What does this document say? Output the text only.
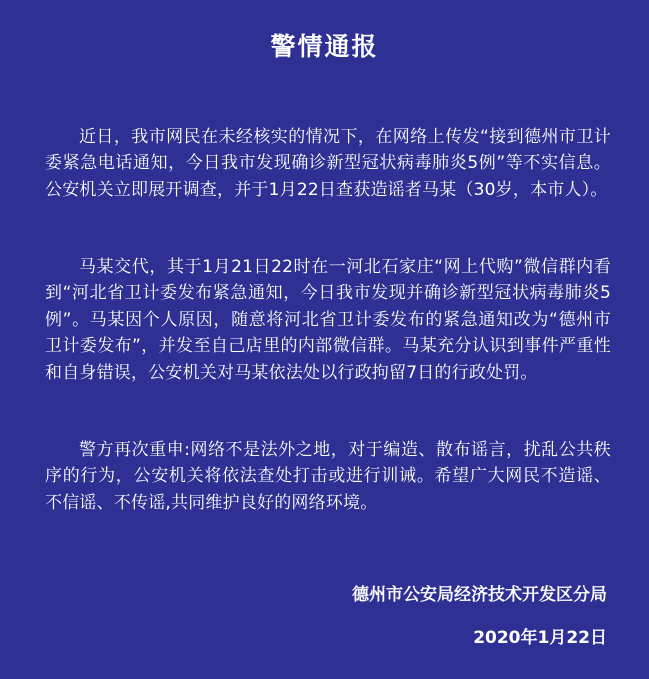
警情通报

近日，我市网民在未经核实的情况下，在网络上传发“接到德州市卫计委紧急电话通知，今日我市发现确诊新型冠状病毒肺炎5例”等不实信息。公安机关立即展开调查，并于1月22日查获造谣者马某（30岁，本市人）。

马某交代，其于1月21日22时在一河北石家庄“网上代购”微信群内看到“河北省卫计委发布紧急通知，今日我市发现并确诊新型冠状病毒肺炎5例”。马某因个人原因，随意将河北省卫计委发布的紧急通知改为“德州市卫计委发布”，并发至自己店里的内部微信群。马某充分认识到事件严重性和自身错误，公安机关对马某依法处以行政拘留7日的行政处罚。

警方再次重申:网络不是法外之地，对于编造、散布谣言，扰乱公共秩序的行为，公安机关将依法查处打击或进行训诫。希望广大网民不造谣、不信谣、不传谣,共同维护良好的网络环境。

德州市公安局经济技术开发区分局
2020年1月22日
